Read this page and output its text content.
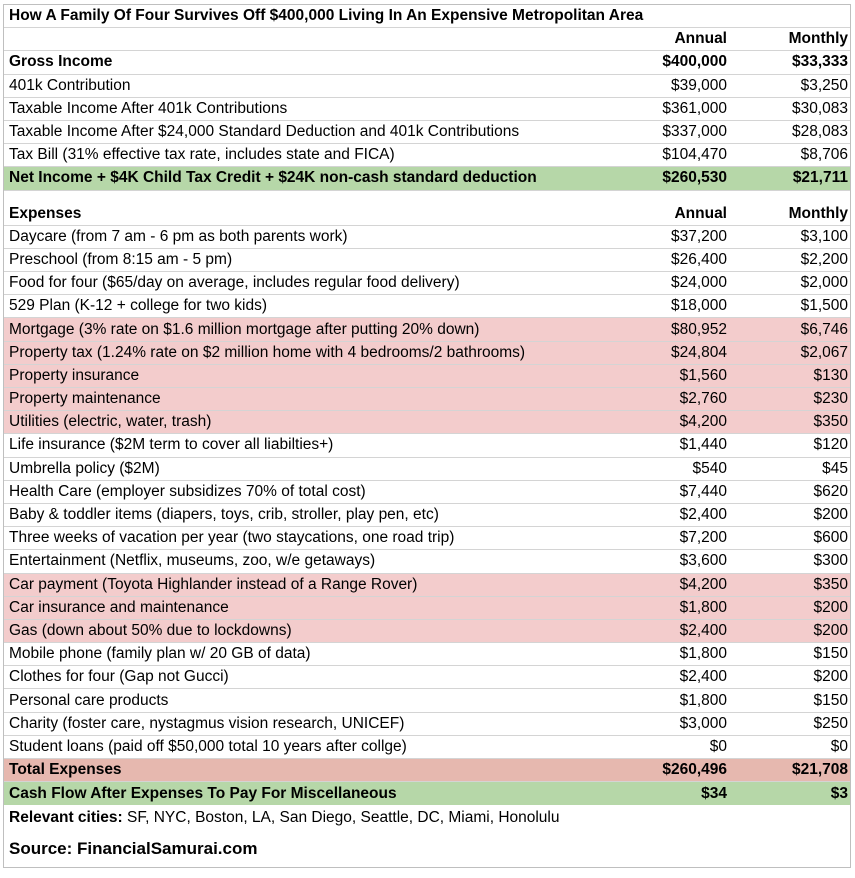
How A Family Of Four Survives Off $400,000 Living In An Expensive Metropolitan Area
Annual	Monthly
Gross Income	$400,000	$33,333
401k Contribution	$39,000	$3,250
Taxable Income After 401k Contributions	$361,000	$30,083
Taxable Income After $24,000 Standard Deduction and 401k Contributions	$337,000	$28,083
Tax Bill (31% effective tax rate, includes state and FICA)	$104,470	$8,706
Net Income + $4K Child Tax Credit + $24K non-cash standard deduction	$260,530	$21,711
Expenses	Annual	Monthly
Daycare (from 7 am - 6 pm as both parents work)	$37,200	$3,100
Preschool (from 8:15 am - 5 pm)	$26,400	$2,200
Food for four ($65/day on average, includes regular food delivery)	$24,000	$2,000
529 Plan (K-12 + college for two kids)	$18,000	$1,500
Mortgage (3% rate on $1.6 million mortgage after putting 20% down)	$80,952	$6,746
Property tax (1.24% rate on $2 million home with 4 bedrooms/2 bathrooms)	$24,804	$2,067
Property insurance	$1,560	$130
Property maintenance	$2,760	$230
Utilities (electric, water, trash)	$4,200	$350
Life insurance ($2M term to cover all liabilties+)	$1,440	$120
Umbrella policy ($2M)	$540	$45
Health Care (employer subsidizes 70% of total cost)	$7,440	$620
Baby & toddler items (diapers, toys, crib, stroller, play pen, etc)	$2,400	$200
Three weeks of vacation per year (two staycations, one road trip)	$7,200	$600
Entertainment (Netflix, museums, zoo, w/e getaways)	$3,600	$300
Car payment (Toyota Highlander instead of a Range Rover)	$4,200	$350
Car insurance and maintenance	$1,800	$200
Gas (down about 50% due to lockdowns)	$2,400	$200
Mobile phone (family plan w/ 20 GB of data)	$1,800	$150
Clothes for four (Gap not Gucci)	$2,400	$200
Personal care products	$1,800	$150
Charity (foster care, nystagmus vision research, UNICEF)	$3,000	$250
Student loans (paid off $50,000 total 10 years after collge)	$0	$0
Total Expenses	$260,496	$21,708
Cash Flow After Expenses To Pay For Miscellaneous	$34	$3
Relevant cities: SF, NYC, Boston, LA, San Diego, Seattle, DC, Miami, Honolulu
Source: FinancialSamurai.com
